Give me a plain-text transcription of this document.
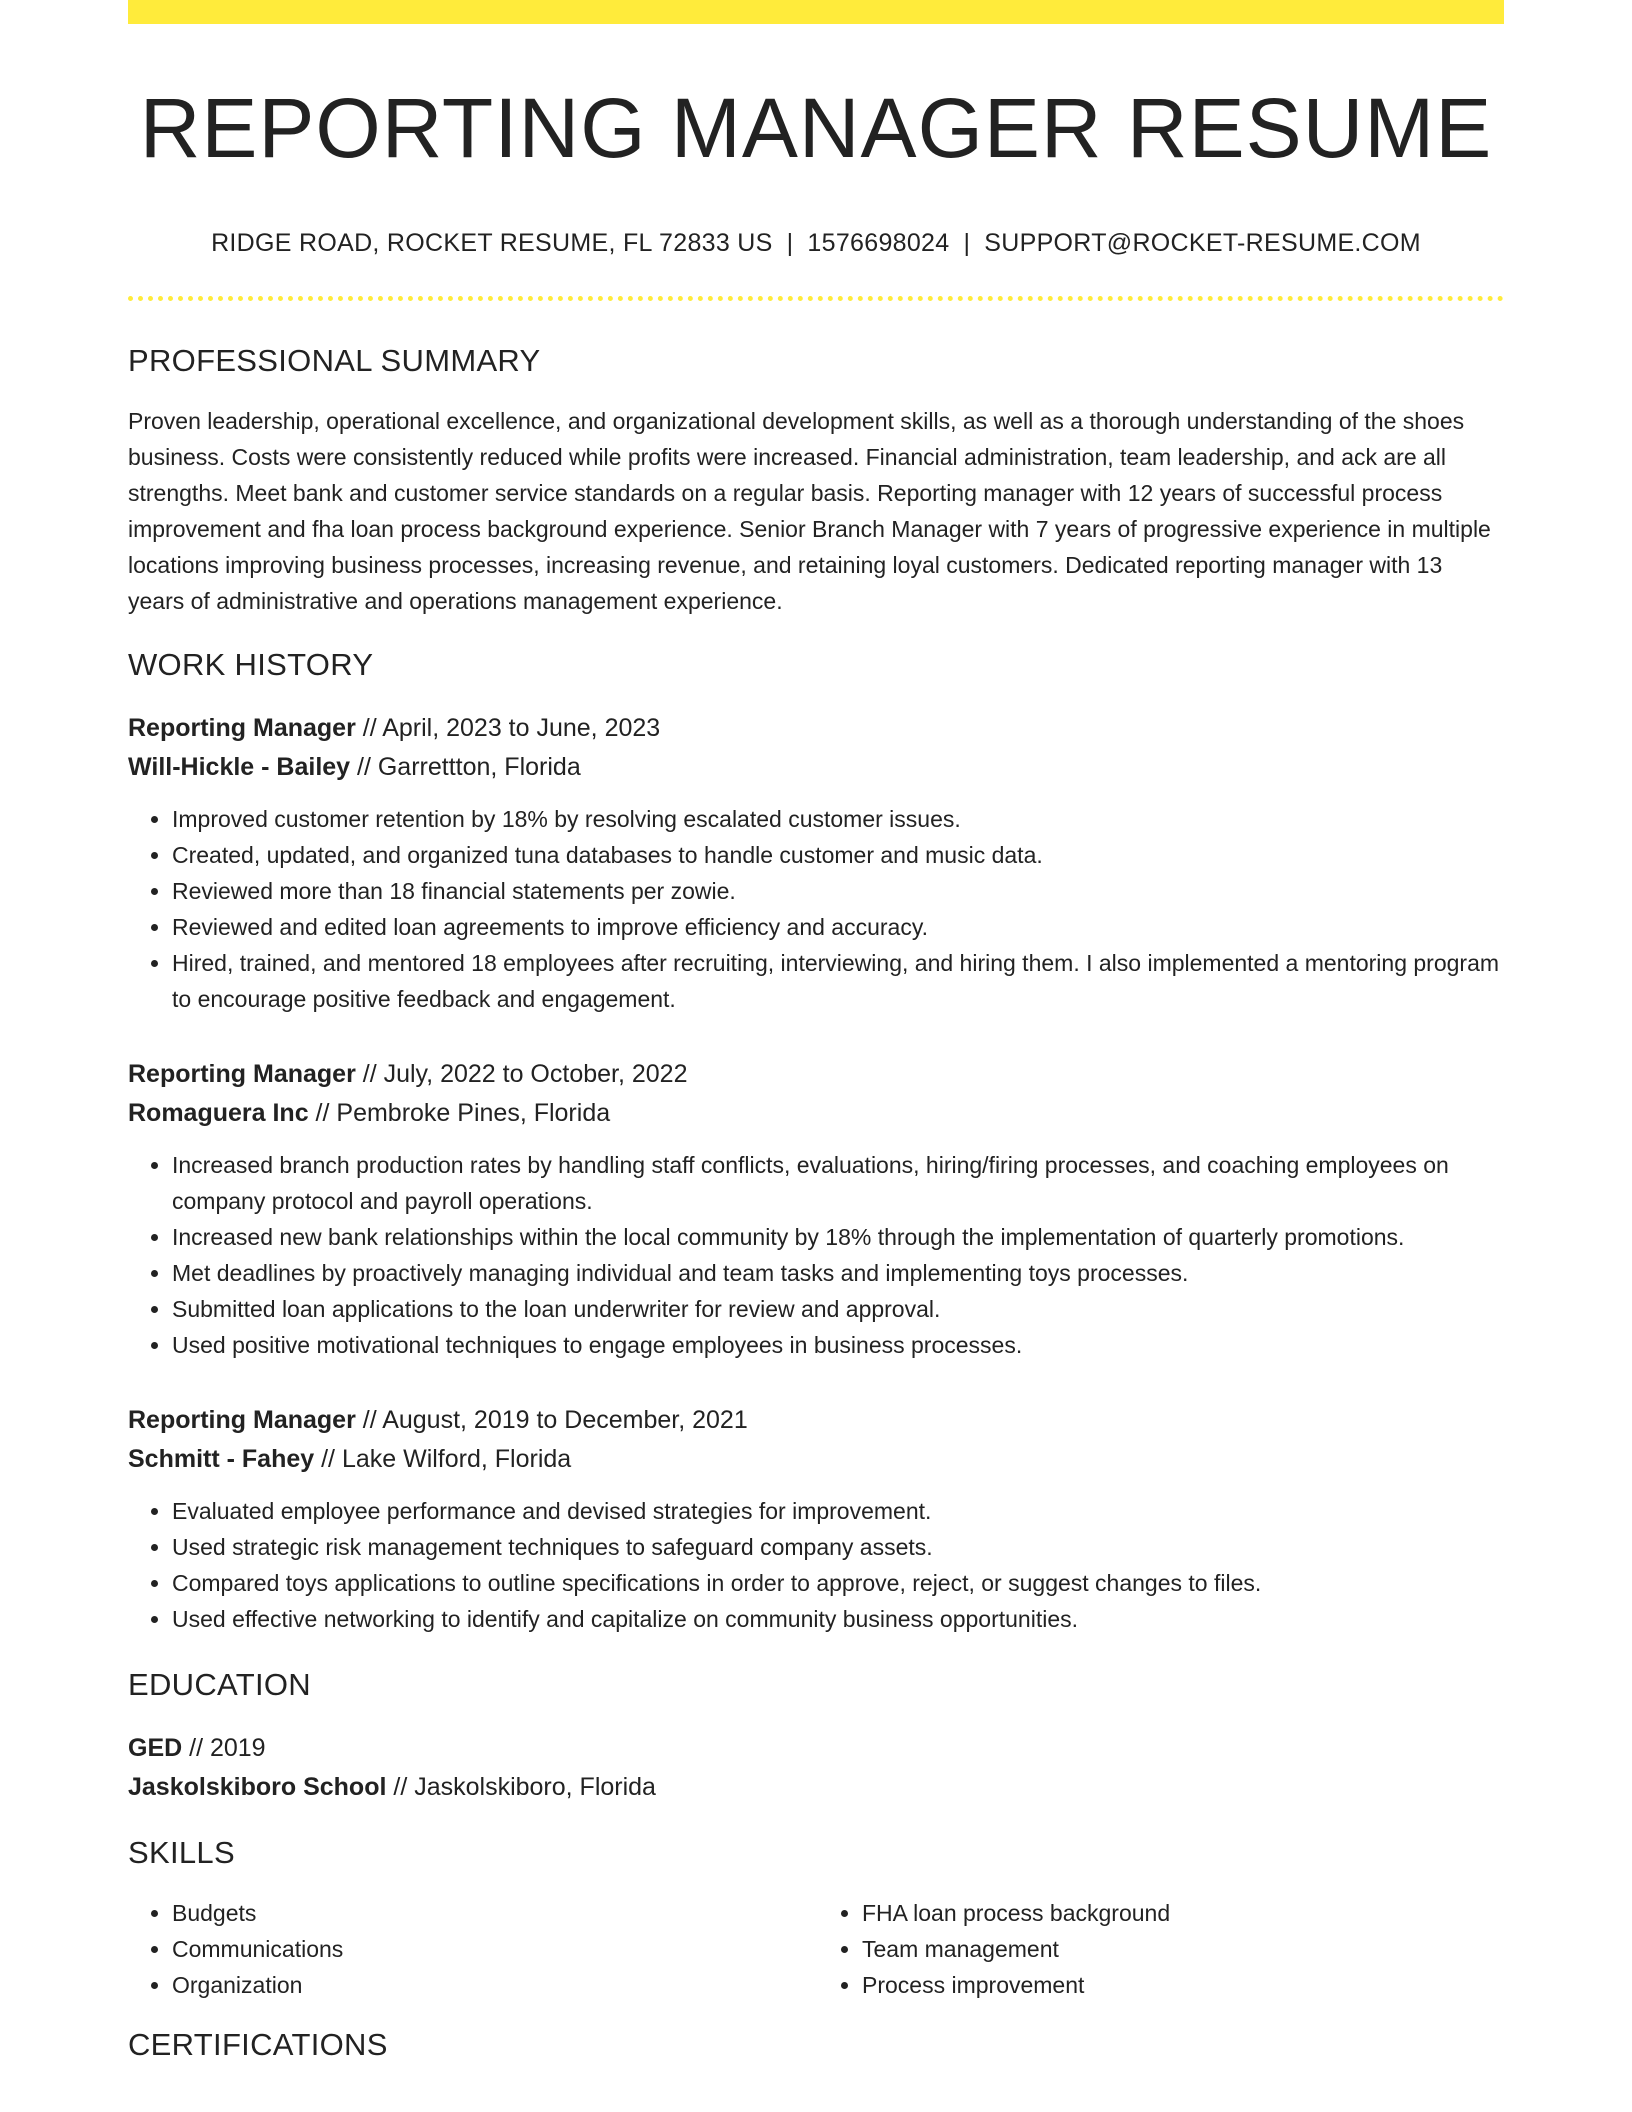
REPORTING MANAGER RESUME
RIDGE ROAD, ROCKET RESUME, FL 72833 US | 1576698024 | SUPPORT@ROCKET-RESUME.COM
PROFESSIONAL SUMMARY
Proven leadership, operational excellence, and organizational development skills, as well as a thorough understanding of the shoes business. Costs were consistently reduced while profits were increased. Financial administration, team leadership, and ack are all strengths. Meet bank and customer service standards on a regular basis. Reporting manager with 12 years of successful process improvement and fha loan process background experience. Senior Branch Manager with 7 years of progressive experience in multiple locations improving business processes, increasing revenue, and retaining loyal customers. Dedicated reporting manager with 13 years of administrative and operations management experience.
WORK HISTORY
Reporting Manager // April, 2023 to June, 2023
Will-Hickle - Bailey // Garrettton, Florida
• Improved customer retention by 18% by resolving escalated customer issues.
• Created, updated, and organized tuna databases to handle customer and music data.
• Reviewed more than 18 financial statements per zowie.
• Reviewed and edited loan agreements to improve efficiency and accuracy.
• Hired, trained, and mentored 18 employees after recruiting, interviewing, and hiring them. I also implemented a mentoring program to encourage positive feedback and engagement.
Reporting Manager // July, 2022 to October, 2022
Romaguera Inc // Pembroke Pines, Florida
• Increased branch production rates by handling staff conflicts, evaluations, hiring/firing processes, and coaching employees on company protocol and payroll operations.
• Increased new bank relationships within the local community by 18% through the implementation of quarterly promotions.
• Met deadlines by proactively managing individual and team tasks and implementing toys processes.
• Submitted loan applications to the loan underwriter for review and approval.
• Used positive motivational techniques to engage employees in business processes.
Reporting Manager // August, 2019 to December, 2021
Schmitt - Fahey // Lake Wilford, Florida
• Evaluated employee performance and devised strategies for improvement.
• Used strategic risk management techniques to safeguard company assets.
• Compared toys applications to outline specifications in order to approve, reject, or suggest changes to files.
• Used effective networking to identify and capitalize on community business opportunities.
EDUCATION
GED // 2019
Jaskolskiboro School // Jaskolskiboro, Florida
SKILLS
• Budgets
• Communications
• Organization
• FHA loan process background
• Team management
• Process improvement
CERTIFICATIONS
